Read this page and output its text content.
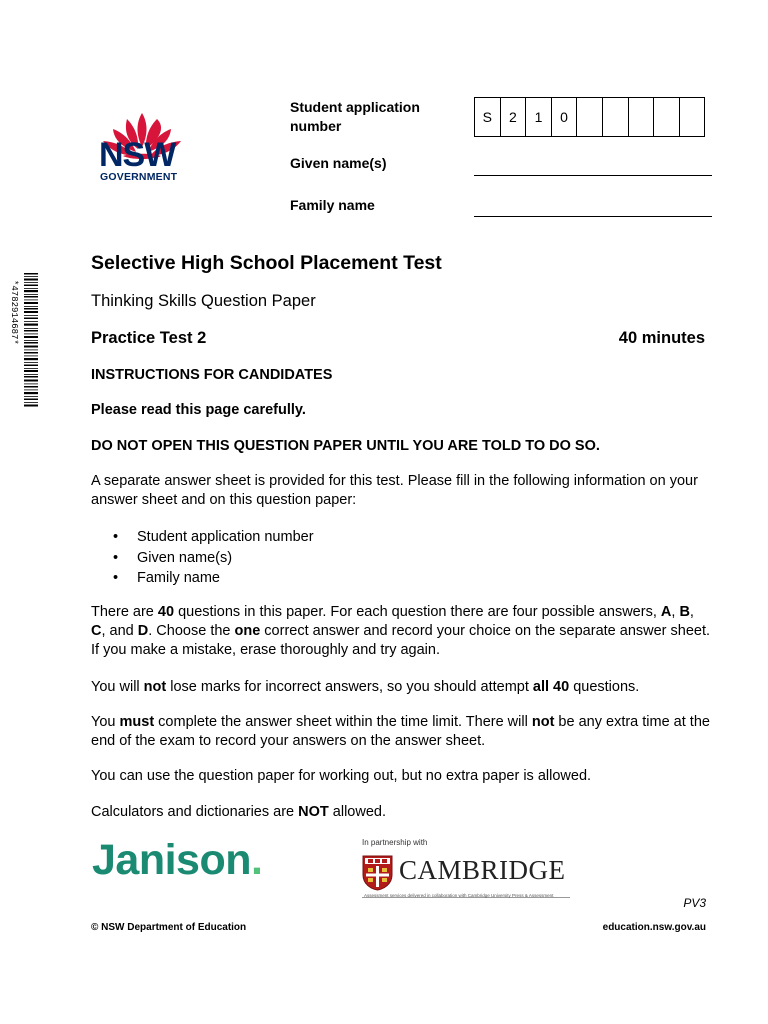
NSW
GOVERNMENT
Student application number
S	2	1	0
Given name(s)
Family name
*4782914687*
Selective High School Placement Test
Thinking Skills Question Paper
Practice Test 2	40 minutes
INSTRUCTIONS FOR CANDIDATES
Please read this page carefully.
DO NOT OPEN THIS QUESTION PAPER UNTIL YOU ARE TOLD TO DO SO.
A separate answer sheet is provided for this test. Please fill in the following information on your answer sheet and on this question paper:
•	Student application number
•	Given name(s)
•	Family name
There are 40 questions in this paper. For each question there are four possible answers, A, B, C, and D. Choose the one correct answer and record your choice on the separate answer sheet. If you make a mistake, erase thoroughly and try again.
You will not lose marks for incorrect answers, so you should attempt all 40 questions.
You must complete the answer sheet within the time limit. There will not be any extra time at the end of the exam to record your answers on the answer sheet.
You can use the question paper for working out, but no extra paper is allowed.
Calculators and dictionaries are NOT allowed.
Janison.	In partnership with
CAMBRIDGE
Assessment services delivered in collaboration with Cambridge University Press & Assessment
PV3
© NSW Department of Education	education.nsw.gov.au
